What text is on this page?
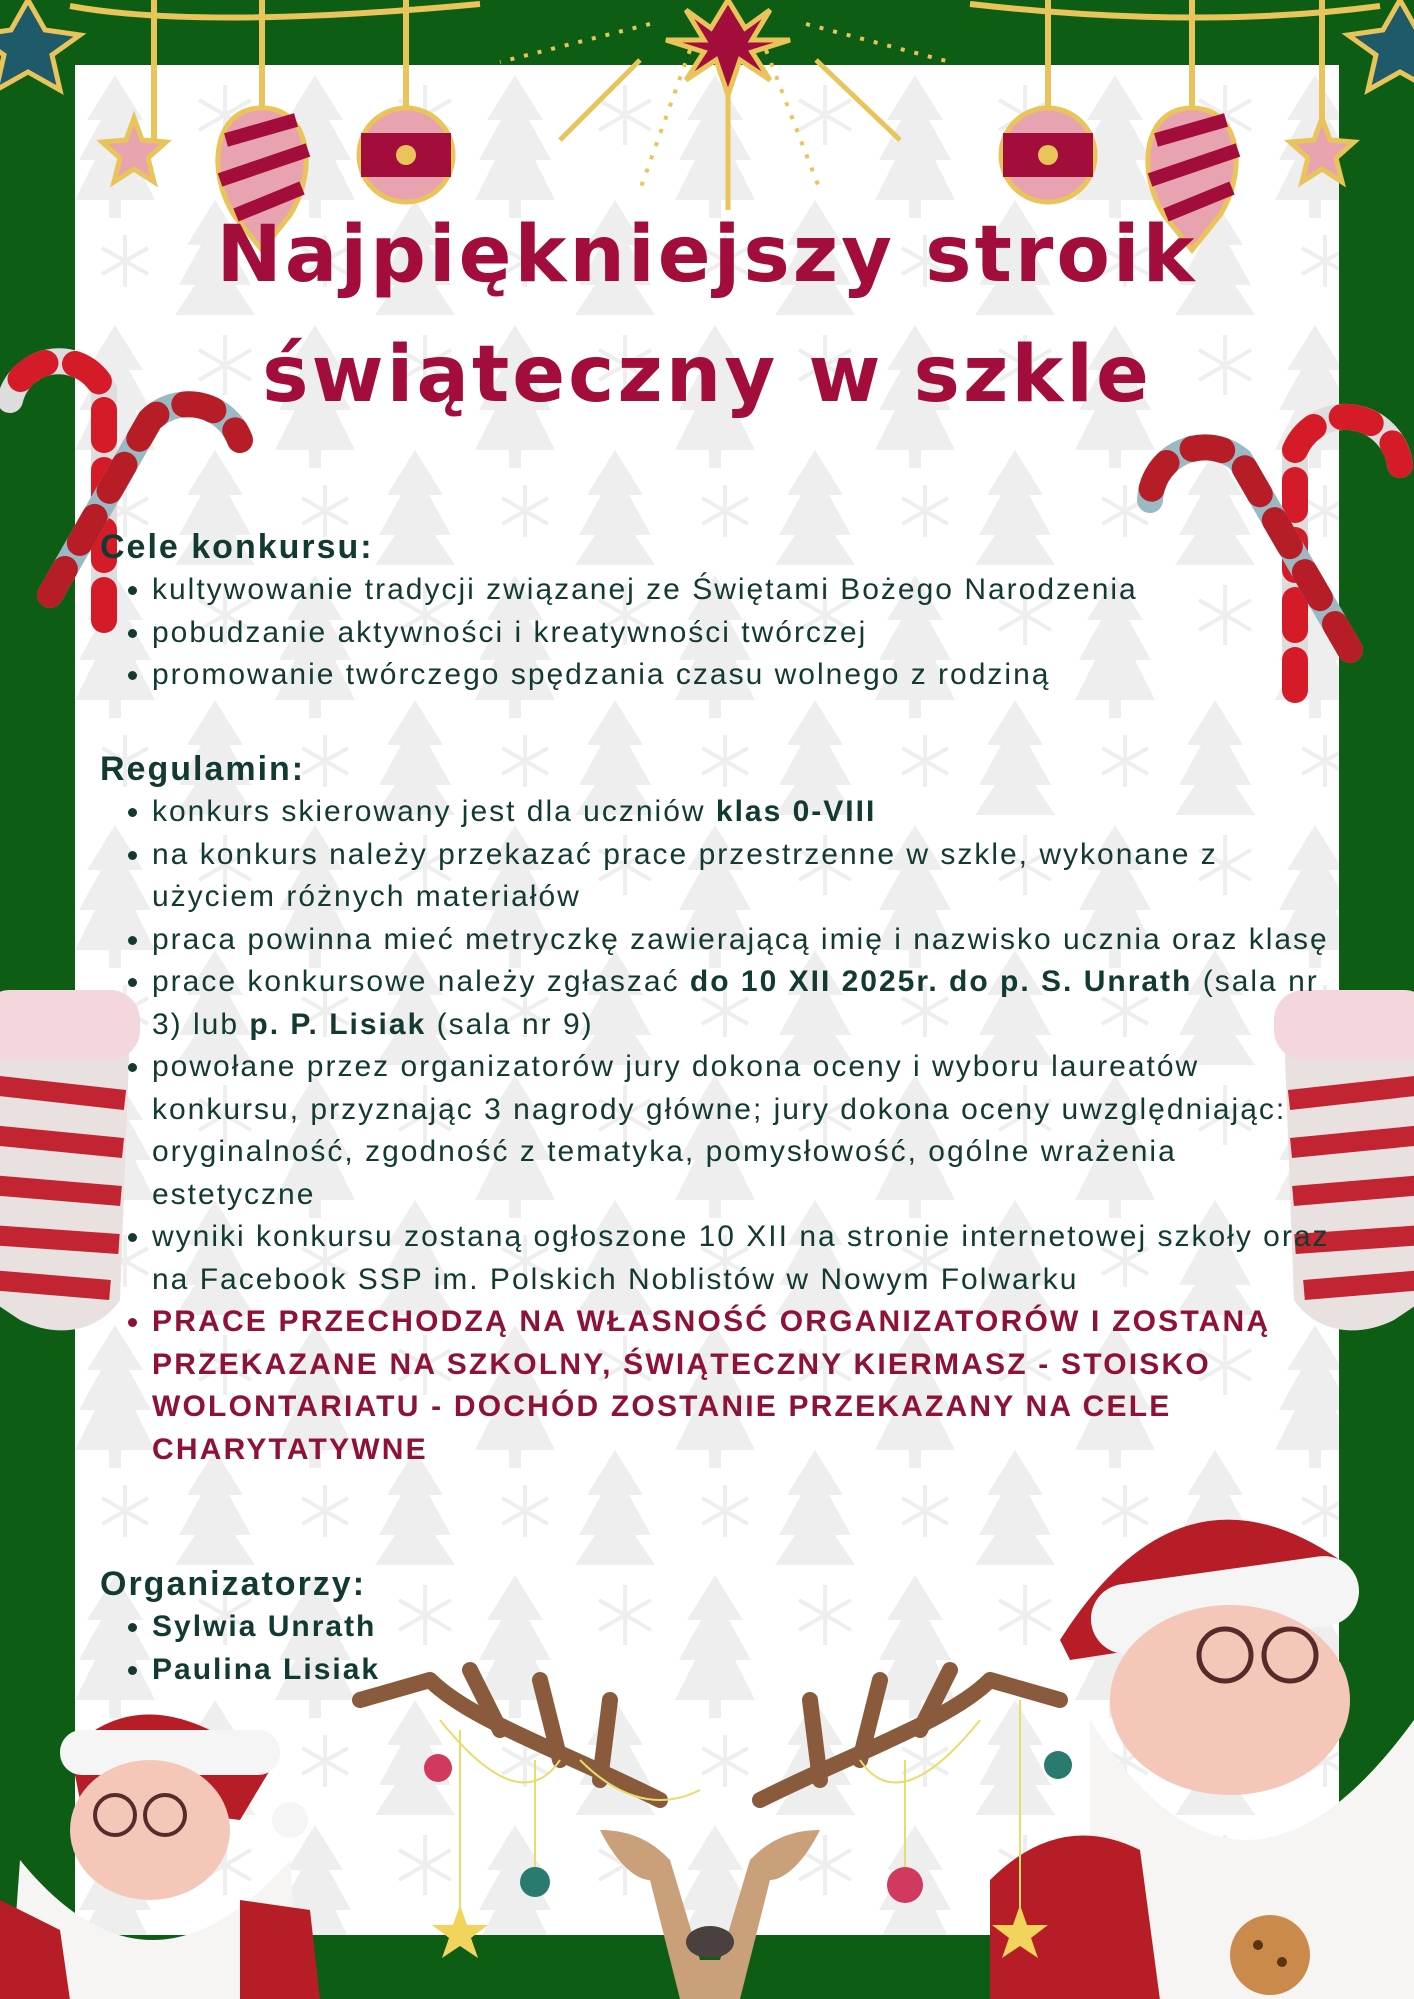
Najpiękniejszy stroik
świąteczny w szkle

Cele konkursu:

• kultywowanie tradycji związanej ze Świętami Bożego Narodzenia
• pobudzanie aktywności i kreatywności twórczej
• promowanie twórczego spędzania czasu wolnego z rodziną

Regulamin:

• konkurs skierowany jest dla uczniów klas 0-VIII
• na konkurs należy przekazać prace przestrzenne w szkle, wykonane z użyciem różnych materiałów
• praca powinna mieć metryczkę zawierającą imię i nazwisko ucznia oraz klasę
• prace konkursowe należy zgłaszać do 10 XII 2025r. do p. S. Unrath (sala nr 3) lub p. P. Lisiak (sala nr 9)
• powołane przez organizatorów jury dokona oceny i wyboru laureatów konkursu, przyznając 3 nagrody główne; jury dokona oceny uwzględniając: oryginalność, zgodność z tematyka, pomysłowość, ogólne wrażenia estetyczne
• wyniki konkursu zostaną ogłoszone 10 XII na stronie internetowej szkoły oraz na Facebook SSP im. Polskich Noblistów w Nowym Folwarku
• PRACE PRZECHODZĄ NA WŁASNOŚĆ ORGANIZATORÓW I ZOSTANĄ PRZEKAZANE NA SZKOLNY, ŚWIĄTECZNY KIERMASZ - STOISKO WOLONTARIATU - DOCHÓD ZOSTANIE PRZEKAZANY NA CELE CHARYTATYWNE

Organizatorzy:

• Sylwia Unrath
• Paulina Lisiak
